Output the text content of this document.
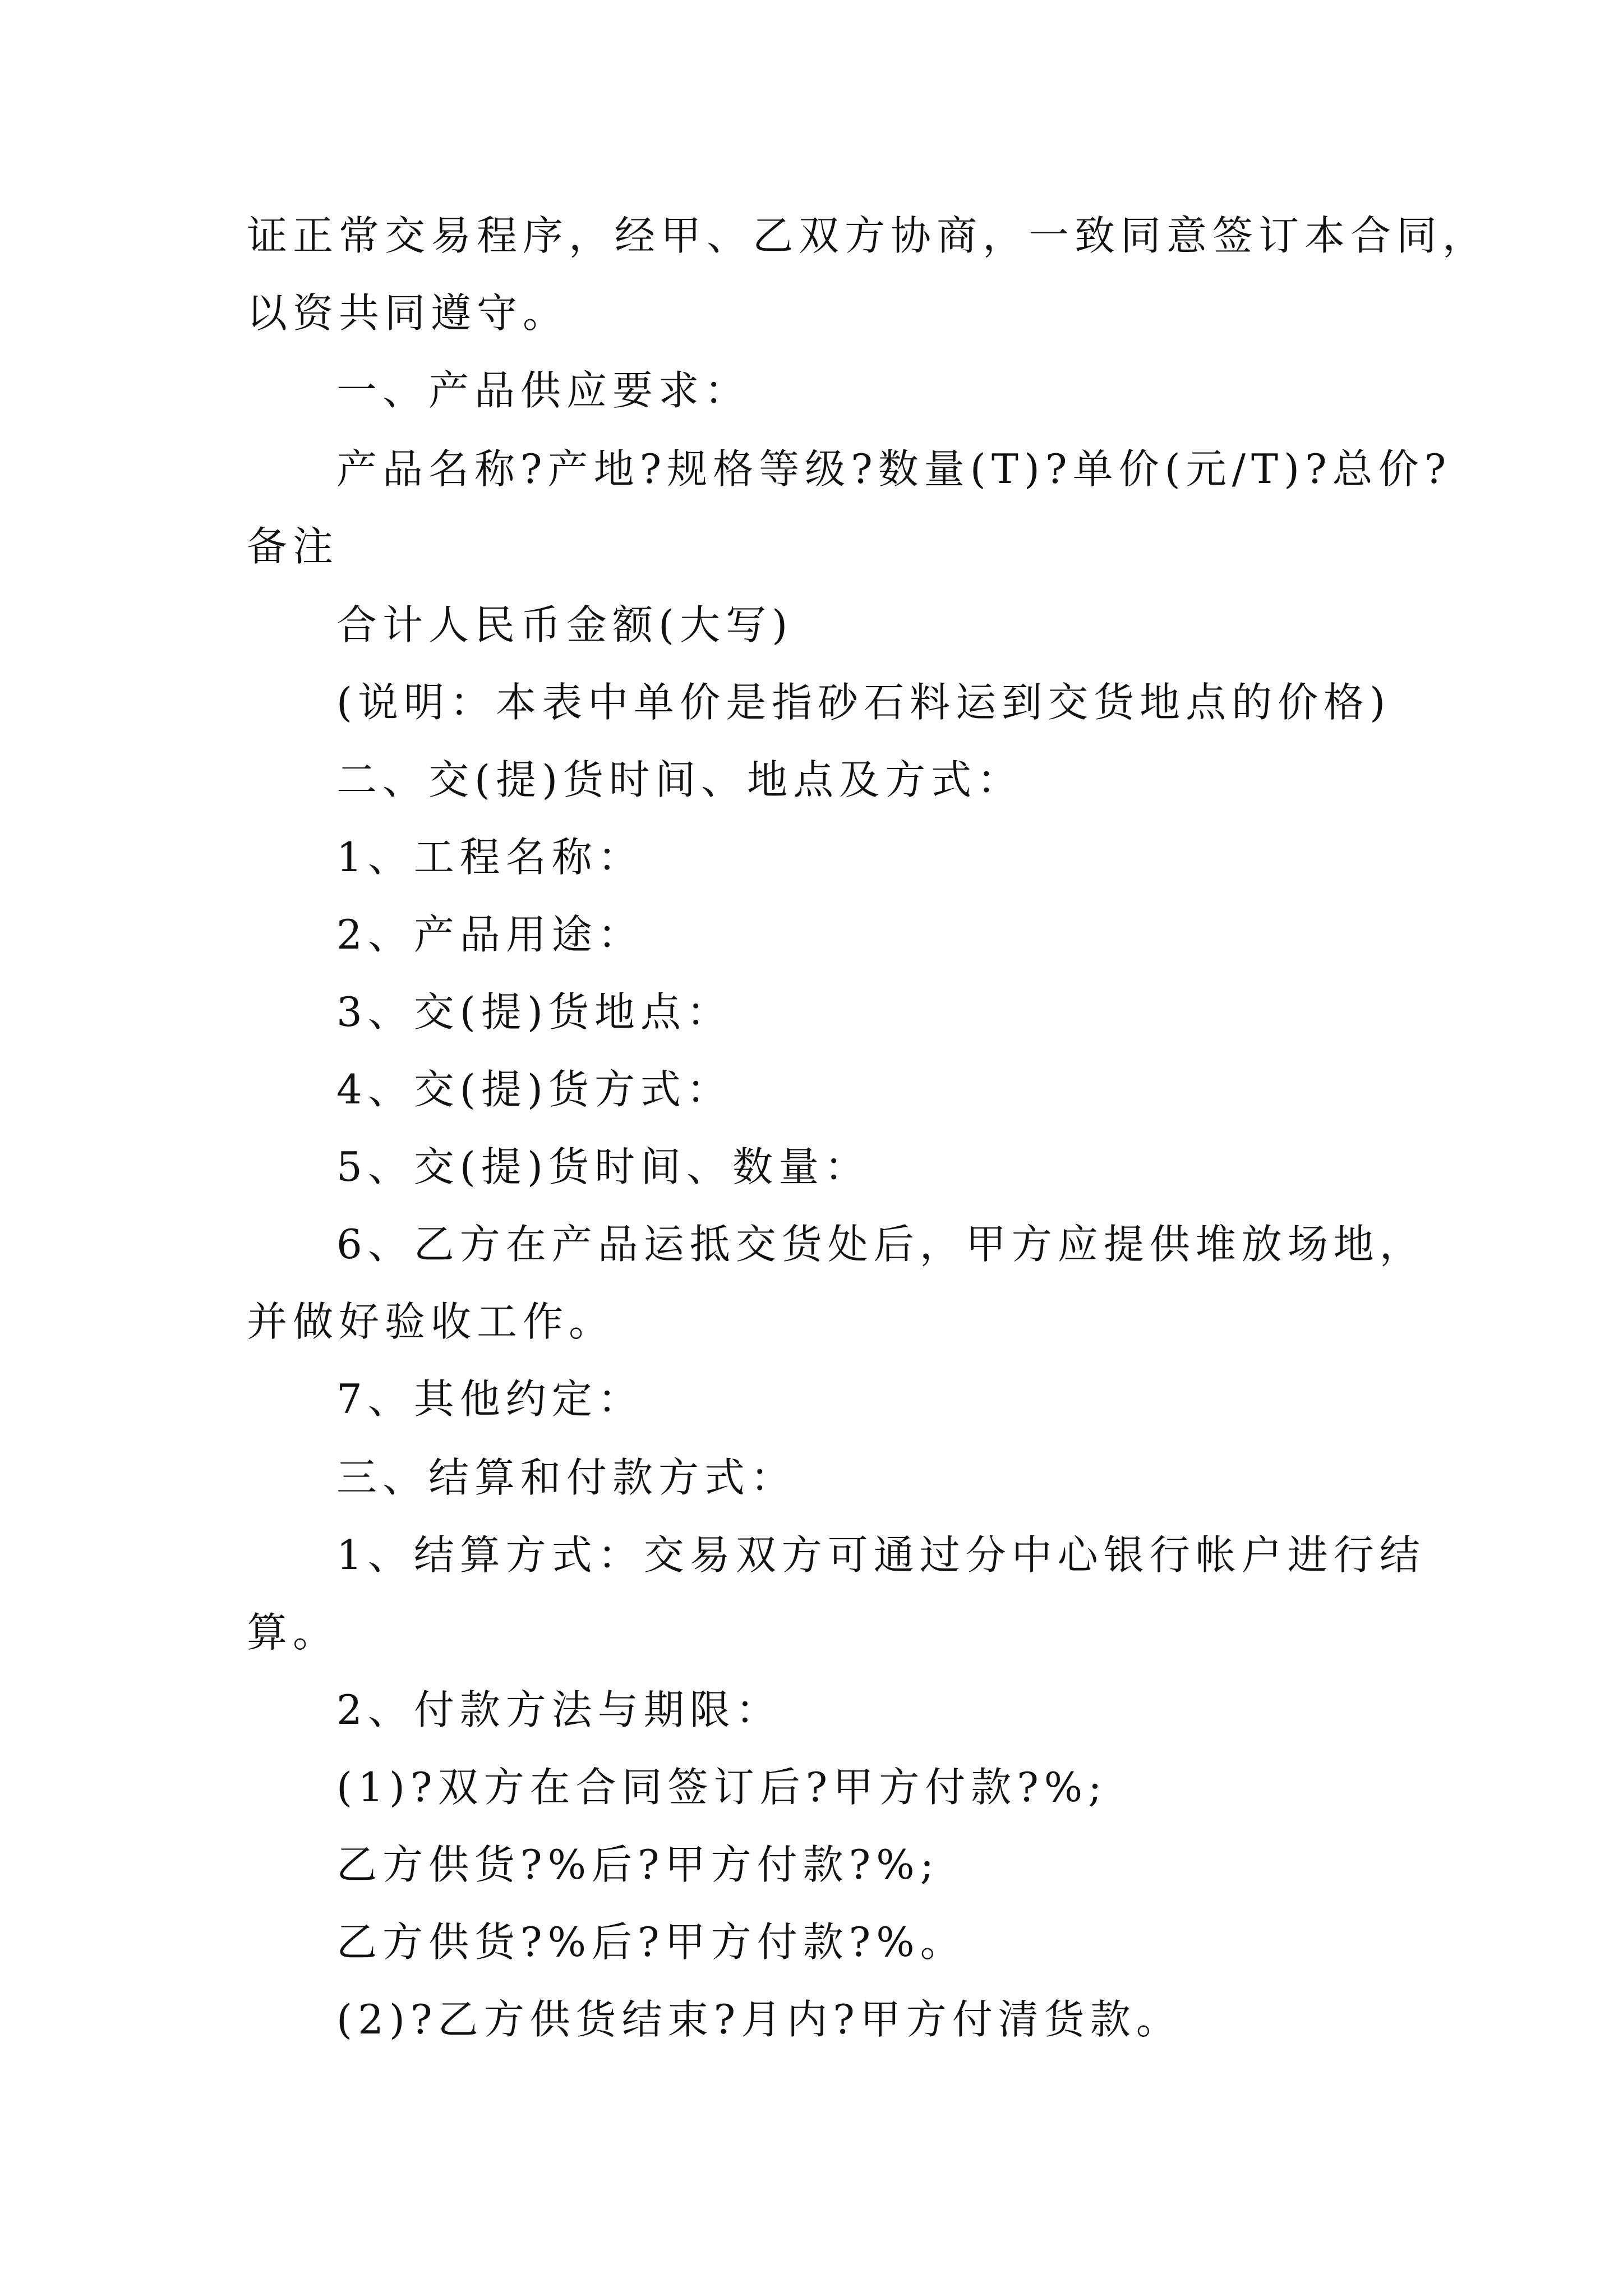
证正常交易程序，经甲、乙双方协商，一致同意签订本合同，
以资共同遵守。
一、产品供应要求：
产品名称?产地?规格等级?数量(T)?单价(元/T)?总价?
备注
合计人民币金额(大写)
(说明：本表中单价是指砂石料运到交货地点的价格)
二、交(提)货时间、地点及方式：
1、工程名称：
2、产品用途：
3、交(提)货地点：
4、交(提)货方式：
5、交(提)货时间、数量：
6、乙方在产品运抵交货处后，甲方应提供堆放场地，
并做好验收工作。
7、其他约定：
三、结算和付款方式：
1、结算方式：交易双方可通过分中心银行帐户进行结
算。
2、付款方法与期限：
(1)?双方在合同签订后?甲方付款?%;
乙方供货?%后?甲方付款?%;
乙方供货?%后?甲方付款?%。
(2)?乙方供货结束?月内?甲方付清货款。
